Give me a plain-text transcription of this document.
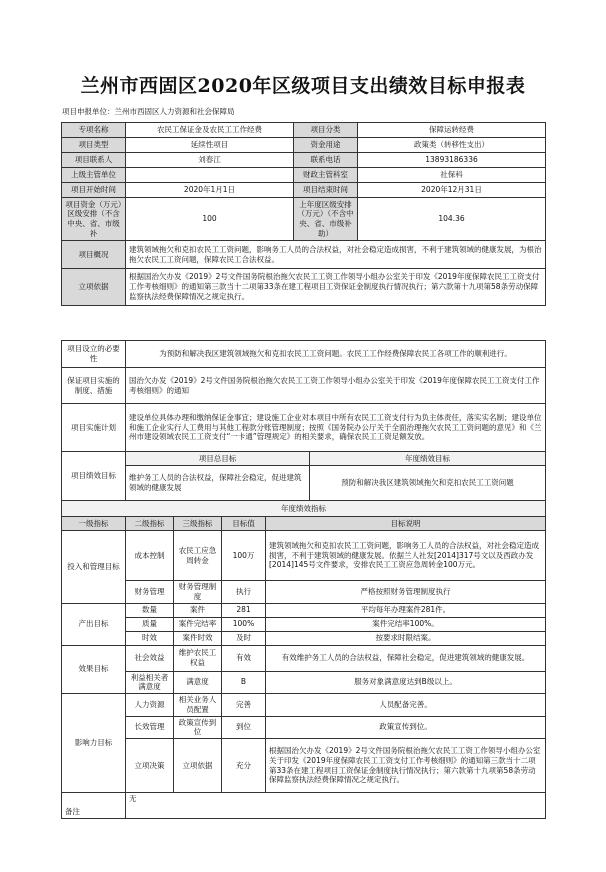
兰州市西固区2020年区级项目支出绩效目标申报表
项目申报单位：兰州市西固区人力资源和社会保障局
专项名称	农民工保证金及农民工工作经费	项目分类	保障运转经费
项目类型	延续性项目	资金用途	政策类（转移性支出）
项目联系人	刘春江	联系电话	13893186336
上级主管单位		财政主管科室	社保科
项目开始时间	2020年1月1日	项目结束时间	2020年12月31日
项目资金（万元）区级安排（不含中央、省、市级补	100	上年度区级安排（万元）（不含中央、省、市级补助）	104.36
项目概况	建筑领域拖欠和克扣农民工工资问题，影响务工人员的合法权益，对社会稳定造成损害，不利于建筑领域的健康发展，为根治拖欠农民工工资问题，保障农民工合法权益。		
立项依据	根据国治欠办发《2019》2号文件国务院根治拖欠农民工工资工作领导小组办公室关于印发《2019年度保障农民工工资支付工作考核细则》的通知第三款当十二项第33条在建工程项目工资保证金制度执行情况执行；第六款第十九项第58条劳动保障监察执法经费保障情况之规定执行。		
项目设立的必要性	为预防和解决我区建筑领域拖欠和克扣农民工工资问题。农民工工作经费保障农民工各项工作的顺利进行。
保证项目实施的制度、措施	国治欠办发《2019》2号文件国务院根治拖欠农民工工资工作领导小组办公室关于印发《2019年度保障农民工工资支付工作考核细则》的通知
项目实施计划	建设单位具体办理和缴纳保证金事宜；建设施工企业对本项目中所有农民工工资支付行为负主体责任，落实实名制；建设单位和施工企业实行人工费用与其他工程款分账管理制度；按照《国务院办公厅关于全面治理拖欠农民工工资问题的意见》和《兰州市建设领域农民工工资支付“一卡通”管理规定》的相关要求，确保农民工工资足额发放。
项目绩效目标	项目总目标	年度绩效目标
	维护务工人员的合法权益，保障社会稳定，促进建筑领域的健康发展	预防和解决我区建筑领域拖欠和克扣农民工工资问题
年度绩效指标				
一级指标	二级指标	三级指标	目标值	目标说明
投入和管理目标	成本控制	农民工应急周转金	100万	建筑领域拖欠和克扣农民工工资问题，影响务工人员的合法权益，对社会稳定造成损害，不利于建筑领域的健康发展。依据兰人社发[2014]317号文以及西政办发[2014]145号文件要求，安排农民工工资应急周转金100万元。
	财务管理	财务管理制度	执行	严格按照财务管理制度执行
产出目标	数量	案件	281	平均每年办理案件281件。
	质量	案件完结率	100%	案件完结率100%。
	时效	案件时效	及时	按要求时限结案。
效果目标	社会效益	维护农民工权益	有效	有效维护务工人员的合法权益，保障社会稳定，促进建筑领域的健康发展。
	利益相关者满意度	满意度	B	服务对象满意度达到B级以上。
影响力目标	人力资源	相关业务人员配置	完善	人员配备完善。
	长效管理	政策宣传到位	到位	政策宣传到位。
	立项决策	立项依据	充分	根据国治欠办发《2019》2号文件国务院根治拖欠农民工工资工作领导小组办公室关于印发《2019年度保障农民工工资支付工作考核细则》的通知第三款当十二项第33条在建工程项目工资保证金制度执行情况执行；第六款第十九项第58条劳动保障监察执法经费保障情况之规定执行。
备注	无			
